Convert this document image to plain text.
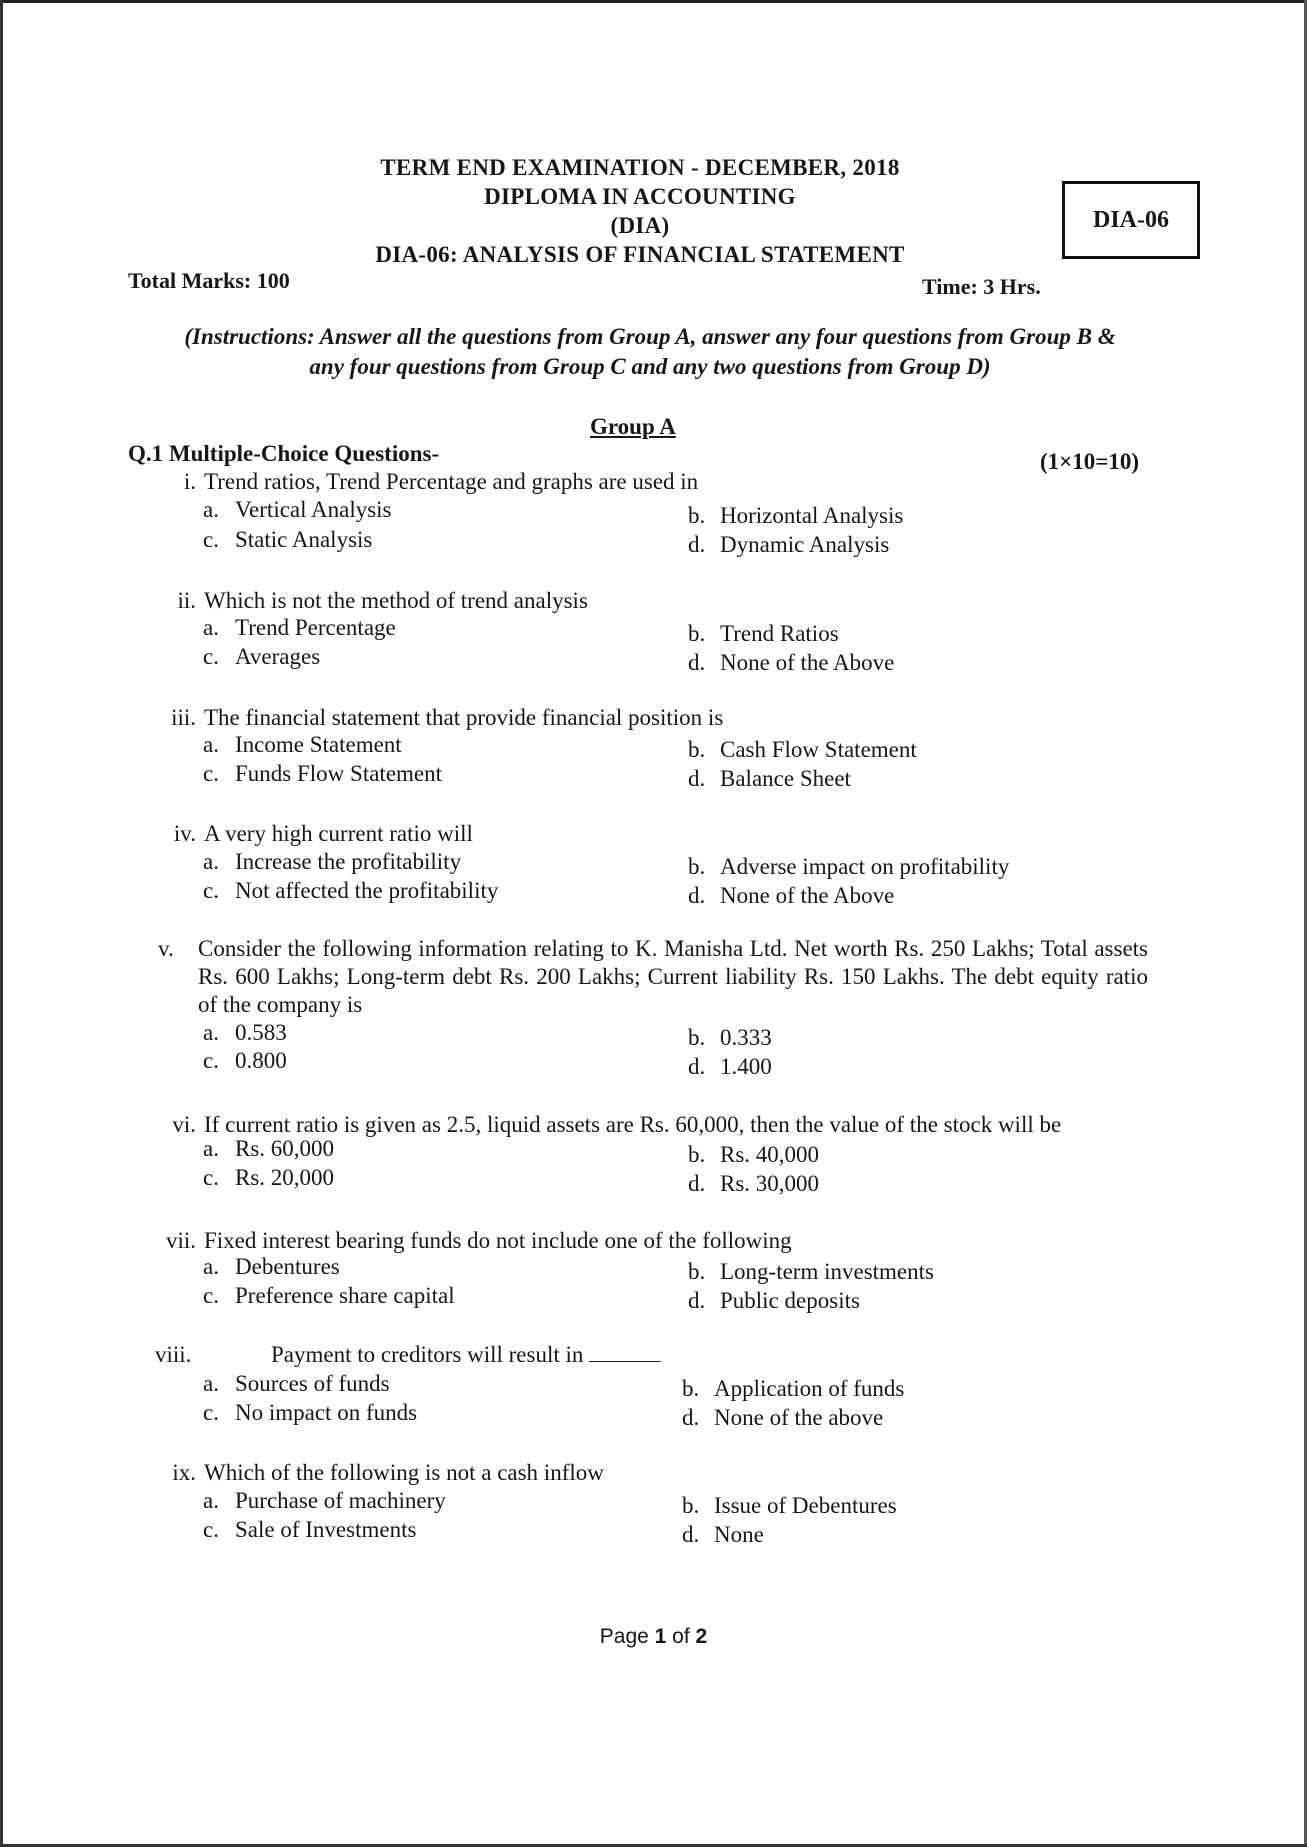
TERM END EXAMINATION - DECEMBER, 2018
DIPLOMA IN ACCOUNTING
(DIA)
DIA-06: ANALYSIS OF FINANCIAL STATEMENT
DIA-06
Total Marks: 100	Time: 3 Hrs.
(Instructions: Answer all the questions from Group A, answer any four questions from Group B &
any four questions from Group C and any two questions from Group D)
Group A
Q.1 Multiple-Choice Questions-	(1×10=10)
i. Trend ratios, Trend Percentage and graphs are used in
a. Vertical Analysis	b. Horizontal Analysis
c. Static Analysis	d. Dynamic Analysis
ii. Which is not the method of trend analysis
a. Trend Percentage	b. Trend Ratios
c. Averages	d. None of the Above
iii. The financial statement that provide financial position is
a. Income Statement	b. Cash Flow Statement
c. Funds Flow Statement	d. Balance Sheet
iv. A very high current ratio will
a. Increase the profitability	b. Adverse impact on profitability
c. Not affected the profitability	d. None of the Above
v. Consider the following information relating to K. Manisha Ltd. Net worth Rs. 250 Lakhs; Total assets Rs. 600 Lakhs; Long-term debt Rs. 200 Lakhs; Current liability Rs. 150 Lakhs. The debt equity ratio of the company is
a. 0.583	b. 0.333
c. 0.800	d. 1.400
vi. If current ratio is given as 2.5, liquid assets are Rs. 60,000, then the value of the stock will be
a. Rs. 60,000	b. Rs. 40,000
c. Rs. 20,000	d. Rs. 30,000
vii. Fixed interest bearing funds do not include one of the following
a. Debentures	b. Long-term investments
c. Preference share capital	d. Public deposits
viii.	Payment to creditors will result in
a. Sources of funds	b. Application of funds
c. No impact on funds	d. None of the above
ix. Which of the following is not a cash inflow
a. Purchase of machinery	b. Issue of Debentures
c. Sale of Investments	d. None
Page 1 of 2
